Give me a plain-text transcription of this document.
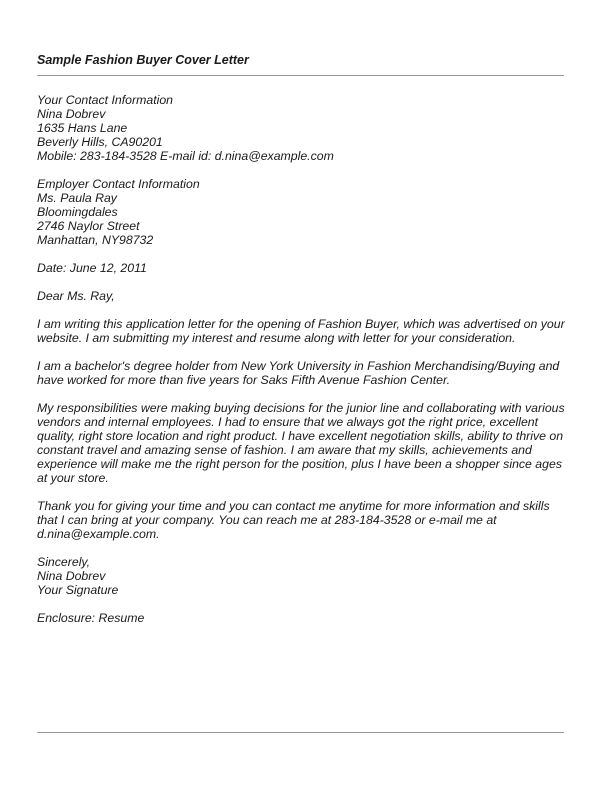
Sample Fashion Buyer Cover Letter
Your Contact Information
Nina Dobrev
1635 Hans Lane
Beverly Hills, CA90201
Mobile: 283-184-3528 E-mail id: d.nina@example.com
Employer Contact Information
Ms. Paula Ray
Bloomingdales
2746 Naylor Street
Manhattan, NY98732
Date: June 12, 2011
Dear Ms. Ray,
I am writing this application letter for the opening of Fashion Buyer, which was advertised on your
website. I am submitting my interest and resume along with letter for your consideration.
I am a bachelor's degree holder from New York University in Fashion Merchandising/Buying and
have worked for more than five years for Saks Fifth Avenue Fashion Center.
My responsibilities were making buying decisions for the junior line and collaborating with various
vendors and internal employees. I had to ensure that we always got the right price, excellent
quality, right store location and right product. I have excellent negotiation skills, ability to thrive on
constant travel and amazing sense of fashion. I am aware that my skills, achievements and
experience will make me the right person for the position, plus I have been a shopper since ages
at your store.
Thank you for giving your time and you can contact me anytime for more information and skills
that I can bring at your company. You can reach me at 283-184-3528 or e-mail me at
d.nina@example.com.
Sincerely,
Nina Dobrev
Your Signature
Enclosure: Resume
